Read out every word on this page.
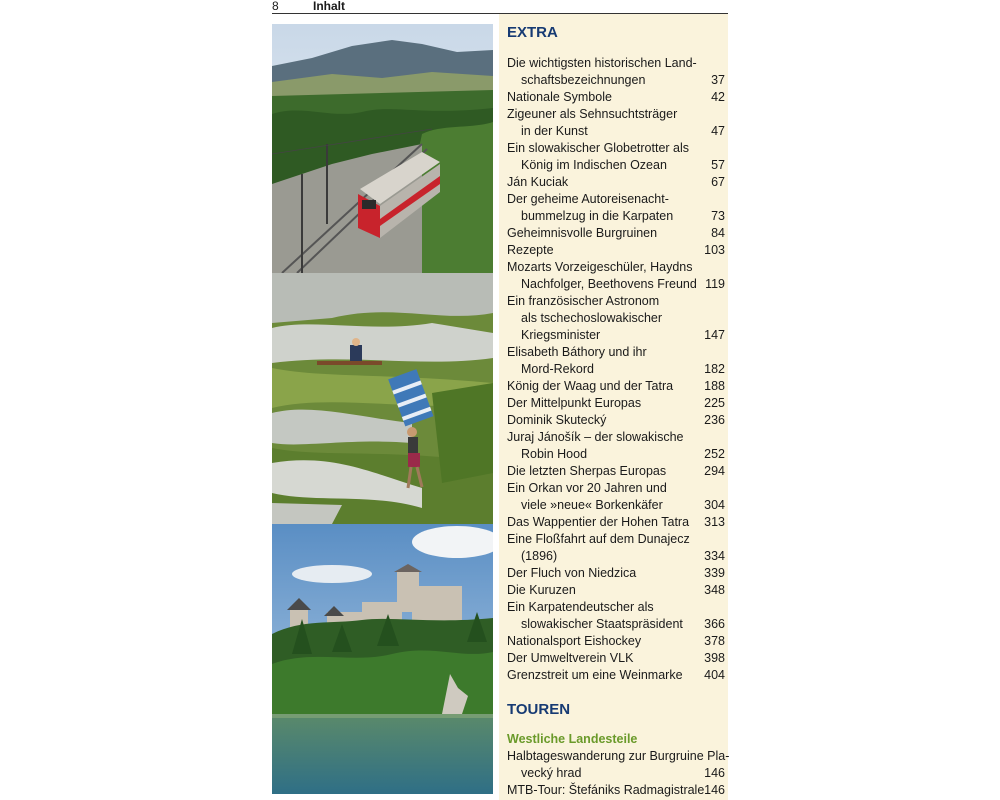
8	Inhalt
EXTRA
Die wichtigsten historischen Land-
schaftsbezeichnungen	37
Nationale Symbole	42
Zigeuner als Sehnsuchtsträger
in der Kunst	47
Ein slowakischer Globetrotter als
König im Indischen Ozean	57
Ján Kuciak	67
Der geheime Autoreisenacht-
bummelzug in die Karpaten	73
Geheimnisvolle Burgruinen	84
Rezepte	103
Mozarts Vorzeigeschüler, Haydns
Nachfolger, Beethovens Freund 119
Ein französischer Astronom
als tschechoslowakischer
Kriegsminister	147
Elisabeth Báthory und ihr
Mord-Rekord	182
König der Waag und der Tatra	188
Der Mittelpunkt Europas	225
Dominik Skutecký	236
Juraj Jánošík – der slowakische
Robin Hood	252
Die letzten Sherpas Europas	294
Ein Orkan vor 20 Jahren und
viele »neue« Borkenkäfer	304
Das Wappentier der Hohen Tatra	313
Eine Floßfahrt auf dem Dunajecz
(1896)	334
Der Fluch von Niedzica	339
Die Kuruzen	348
Ein Karpatendeutscher als
slowakischer Staatspräsident	366
Nationalsport Eishockey	378
Der Umweltverein VLK	398
Grenzstreit um eine Weinmarke	404
TOUREN
Westliche Landesteile
Halbtageswanderung zur Burgruine Pla-
vecký hrad	146
MTB-Tour: Štefániks Radmagistrale 146
